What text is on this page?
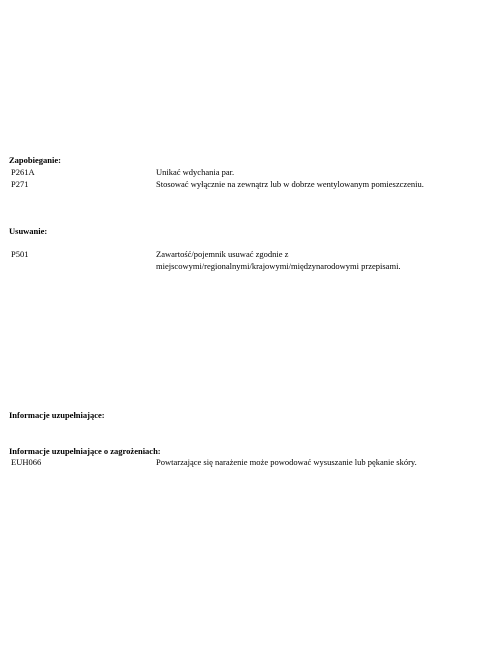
Zapobieganie:
P261A	Unikać wdychania par.
P271	Stosować wyłącznie na zewnątrz lub w dobrze wentylowanym pomieszczeniu.
Usuwanie:
P501	Zawartość/pojemnik usuwać zgodnie z
miejscowymi/regionalnymi/krajowymi/międzynarodowymi przepisami.
Informacje uzupełniające:
Informacje uzupełniające o zagrożeniach:
EUH066	Powtarzające się narażenie może powodować wysuszanie lub pękanie skóry.
